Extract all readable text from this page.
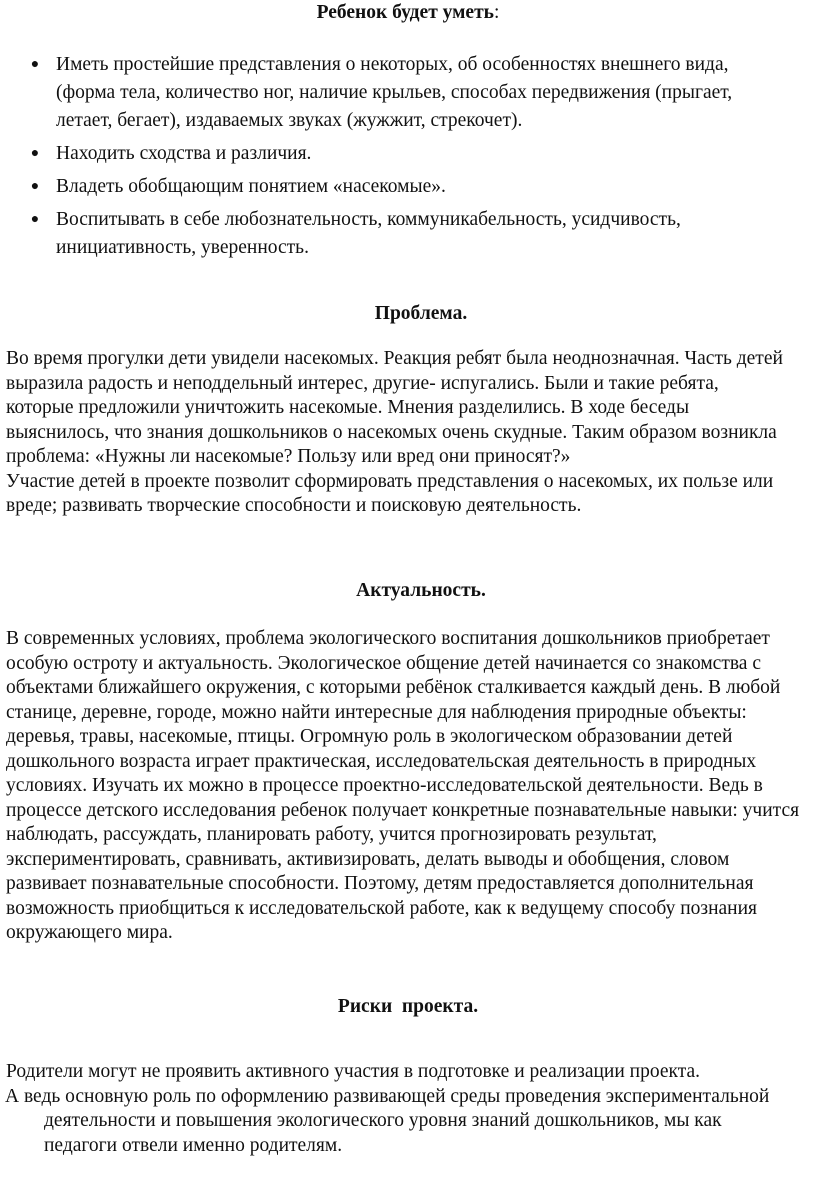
Ребенок будет уметь:

● Иметь простейшие представления о некоторых, об особенностях внешнего вида,(форма тела, количество ног, наличие крыльев, способах передвижения (прыгает, летает, бегает), издаваемых звуках (жужжит, стрекочет).
● Находить сходства и различия.
● Владеть обобщающим понятием «насекомые».
● Воспитывать в себе любознательность, коммуникабельность, усидчивость, инициативность, уверенность.

Проблема.

Во время прогулки дети увидели насекомых. Реакция ребят была неоднозначная. Часть детей выразила радость и неподдельный интерес, другие- испугались. Были и такие ребята, которые предложили уничтожить насекомые. Мнения разделились. В ходе беседы выяснилось, что знания дошкольников о насекомых очень скудные. Таким образом возникла проблема: «Нужны ли насекомые? Пользу или вред они приносят?»

Участие детей в проекте позволит сформировать представления о насекомых, их пользе или вреде; развивать творческие способности и поисковую деятельность.

Актуальность.

В современных условиях, проблема экологического воспитания дошкольников приобретает особую остроту и актуальность. Экологическое общение детей начинается со знакомства с объектами ближайшего окружения, с которыми ребёнок сталкивается каждый день. В любой станице, деревне, городе, можно найти интересные для наблюдения природные объекты: деревья, травы, насекомые, птицы. Огромную роль в экологическом образовании детей дошкольного возраста играет практическая, исследовательская деятельность в природных условиях. Изучать их можно в процессе проектно-исследовательской деятельности. Ведь в процессе детского исследования ребенок получает конкретные познавательные навыки: учится наблюдать, рассуждать, планировать работу, учится прогнозировать результат, экспериментировать, сравнивать, активизировать, делать выводы и обобщения, словом развивает познавательные способности. Поэтому, детям предоставляется дополнительная возможность приобщиться к исследовательской работе, как к ведущему способу познания окружающего мира.

Риски  проекта.

Родители могут не проявить активного участия в подготовке и реализации проекта.

А ведь основную роль по оформлению развивающей среды проведения экспериментальной деятельности и повышения экологического уровня знаний дошкольников, мы как педагоги отвели именно родителям.
